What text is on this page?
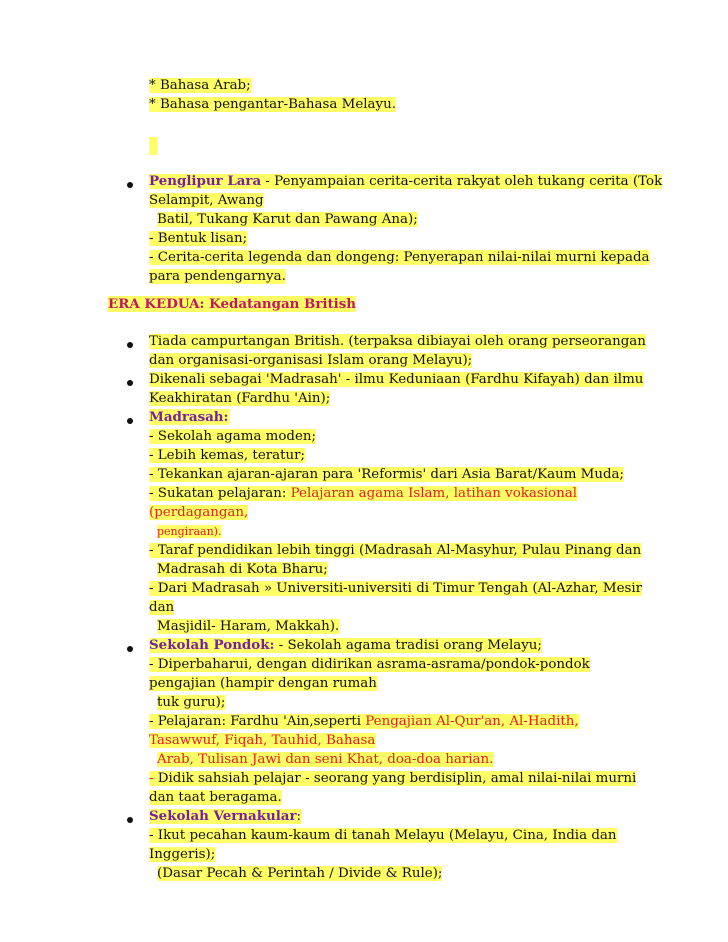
* Bahasa Arab;
* Bahasa pengantar-Bahasa Melayu.
Penglipur Lara - Penyampaian cerita-cerita rakyat oleh tukang cerita (Tok
Selampit, Awang
Batil, Tukang Karut dan Pawang Ana);
- Bentuk lisan;
- Cerita-cerita legenda dan dongeng: Penyerapan nilai-nilai murni kepada
para pendengarnya.
ERA KEDUA: Kedatangan British
Tiada campurtangan British. (terpaksa dibiayai oleh orang perseorangan
dan organisasi-organisasi Islam orang Melayu);
Dikenali sebagai 'Madrasah' - ilmu Keduniaan (Fardhu Kifayah) dan ilmu
Keakhiratan (Fardhu 'Ain);
Madrasah:
- Sekolah agama moden;
- Lebih kemas, teratur;
- Tekankan ajaran-ajaran para 'Reformis' dari Asia Barat/Kaum Muda;
- Sukatan pelajaran: Pelajaran agama Islam, latihan vokasional
(perdagangan,
pengiraan).
- Taraf pendidikan lebih tinggi (Madrasah Al-Masyhur, Pulau Pinang dan
Madrasah di Kota Bharu;
- Dari Madrasah » Universiti-universiti di Timur Tengah (Al-Azhar, Mesir
dan
Masjidil- Haram, Makkah).
Sekolah Pondok: - Sekolah agama tradisi orang Melayu;
- Diperbaharui, dengan didirikan asrama-asrama/pondok-pondok
pengajian (hampir dengan rumah
tuk guru);
- Pelajaran: Fardhu 'Ain,seperti Pengajian Al-Qur'an, Al-Hadith,
Tasawwuf, Fiqah, Tauhid, Bahasa
Arab, Tulisan Jawi dan seni Khat, doa-doa harian.
- Didik sahsiah pelajar - seorang yang berdisiplin, amal nilai-nilai murni
dan taat beragama.
Sekolah Vernakular:
- Ikut pecahan kaum-kaum di tanah Melayu (Melayu, Cina, India dan
Inggeris);
(Dasar Pecah & Perintah / Divide & Rule);
